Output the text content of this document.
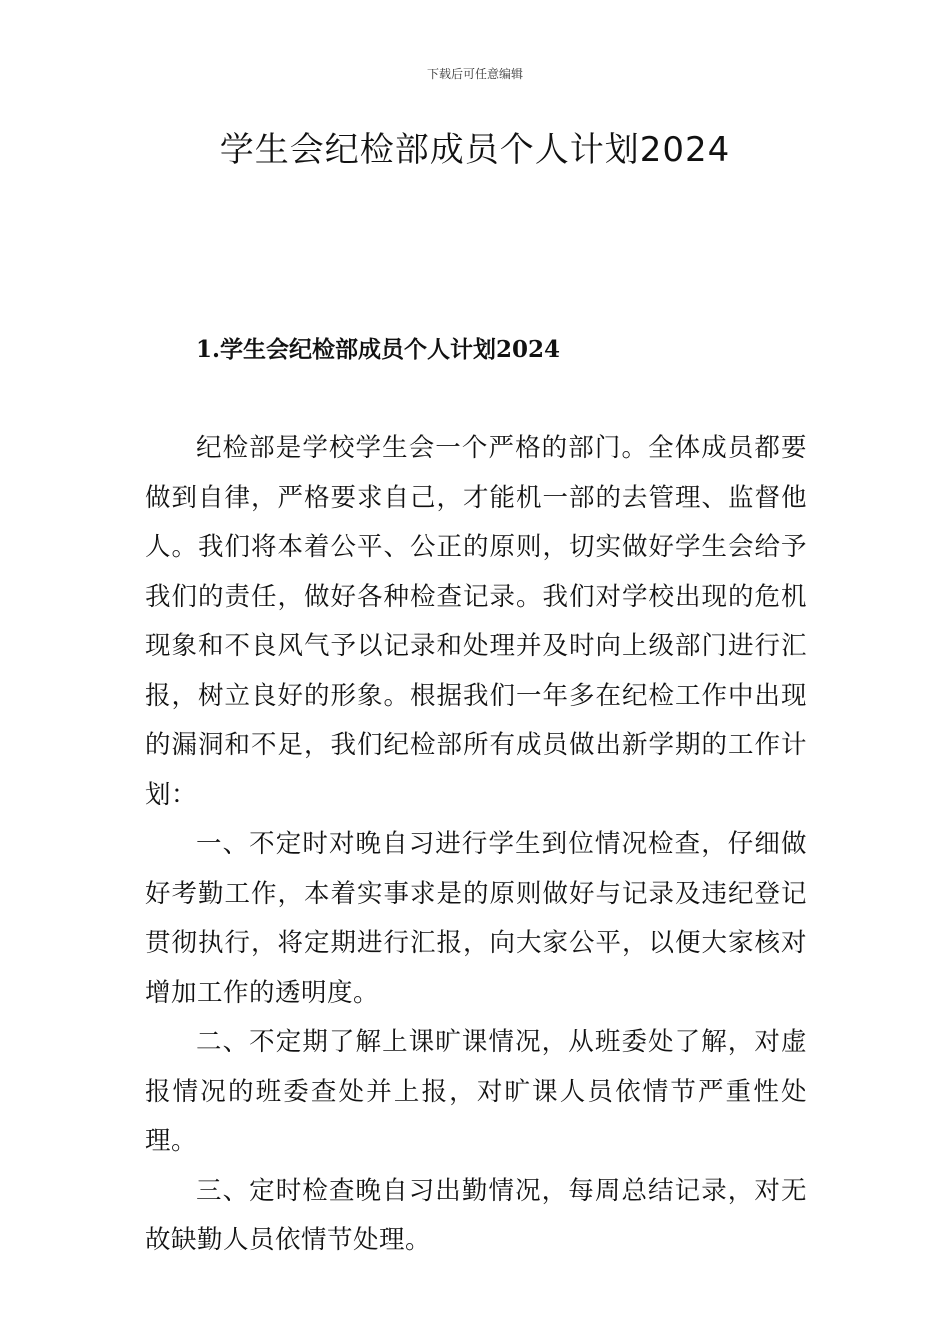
下载后可任意编辑
学生会纪检部成员个人计划2024
1.学生会纪检部成员个人计划2024

纪检部是学校学生会一个严格的部门。全体成员都要做到自律，严格要求自己，才能机一部的去管理、监督他人。我们将本着公平、公正的原则，切实做好学生会给予我们的责任，做好各种检查记录。我们对学校出现的危机现象和不良风气予以记录和处理并及时向上级部门进行汇报，树立良好的形象。根据我们一年多在纪检工作中出现的漏洞和不足，我们纪检部所有成员做出新学期的工作计划：

一、不定时对晚自习进行学生到位情况检查，仔细做好考勤工作，本着实事求是的原则做好与记录及违纪登记贯彻执行，将定期进行汇报，向大家公平，以便大家核对增加工作的透明度。

二、不定期了解上课旷课情况，从班委处了解，对虚报情况的班委查处并上报，对旷课人员依情节严重性处理。

三、定时检查晚自习出勤情况，每周总结记录，对无故缺勤人员依情节处理。
